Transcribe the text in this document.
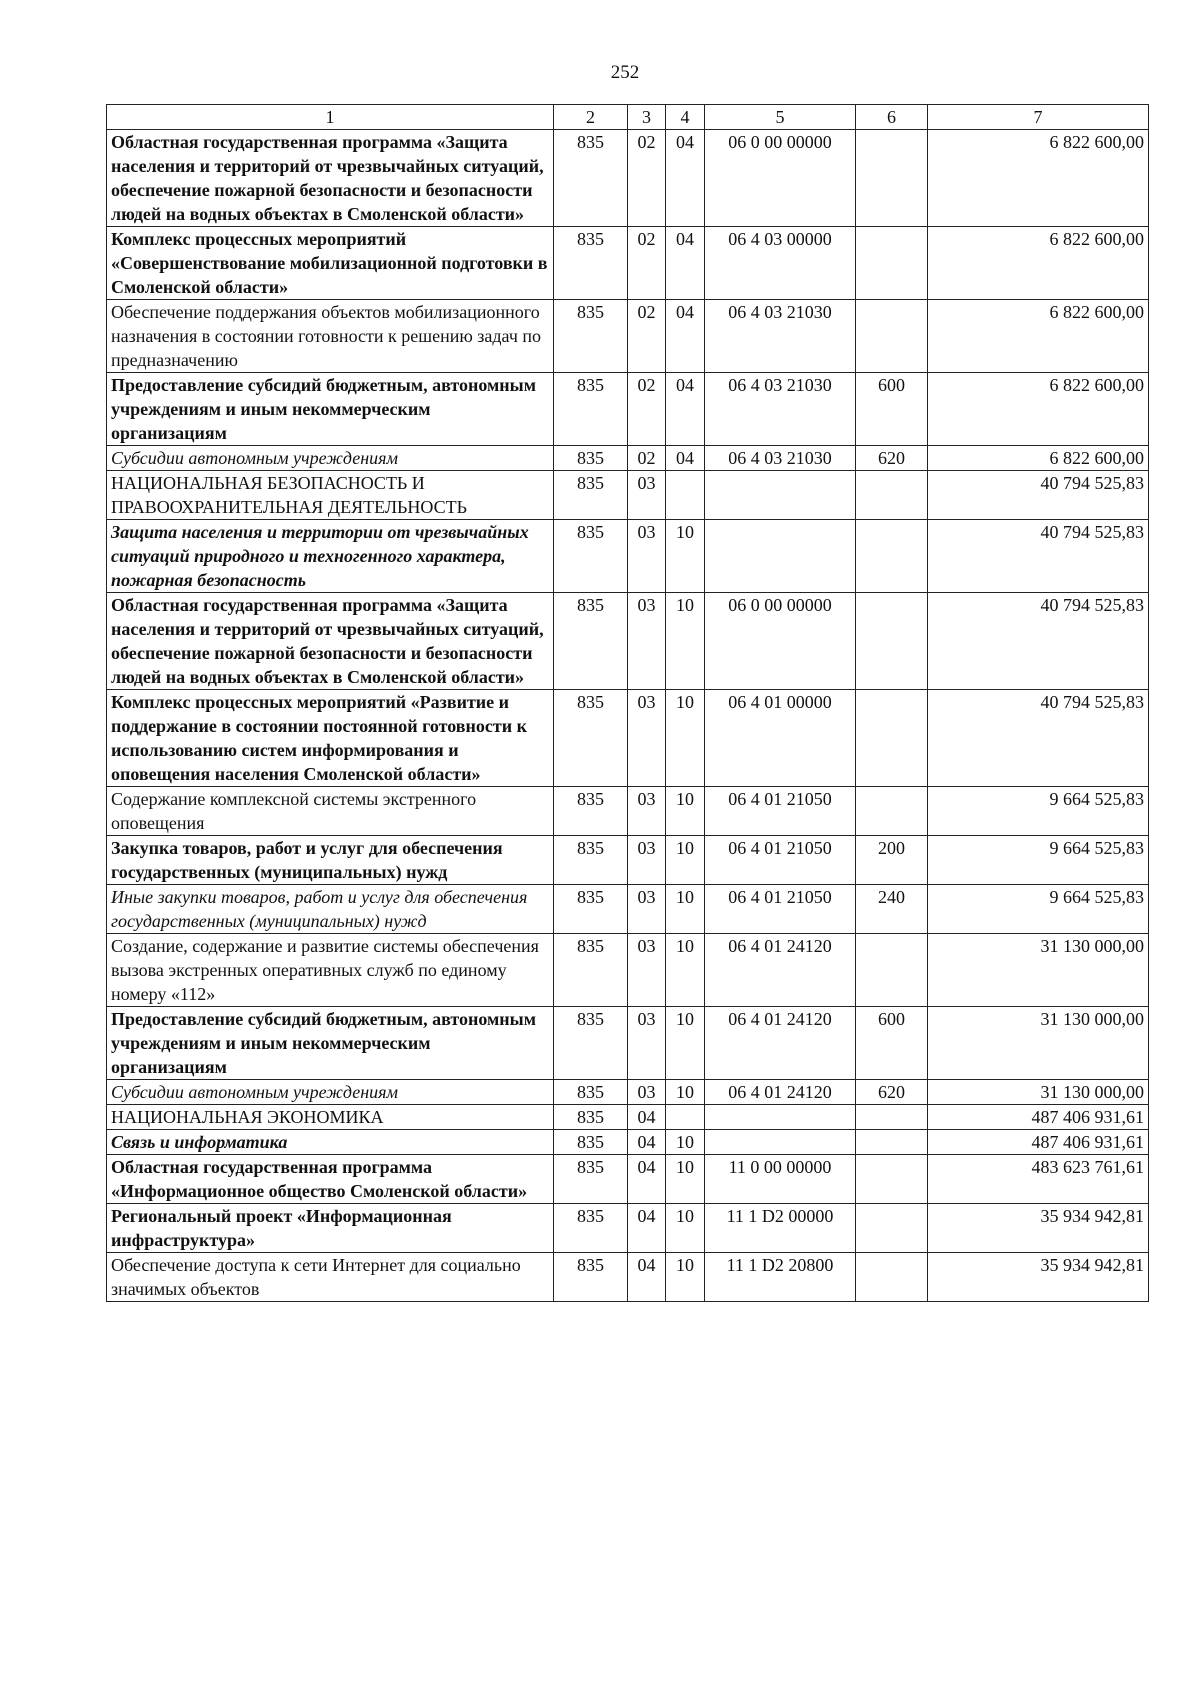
252
1	2	3	4	5	6	7
Областная государственная программа «Защита населения и территорий от чрезвычайных ситуаций, обеспечение пожарной безопасности и безопасности людей на водных объектах в Смоленской области»	835	02	04	06 0 00 00000		6 822 600,00
Комплекс процессных мероприятий «Совершенствование мобилизационной подготовки в Смоленской области»	835	02	04	06 4 03 00000		6 822 600,00
Обеспечение поддержания объектов мобилизационного назначения в состоянии готовности к решению задач по предназначению	835	02	04	06 4 03 21030		6 822 600,00
Предоставление субсидий бюджетным, автономным учреждениям и иным некоммерческим организациям	835	02	04	06 4 03 21030	600	6 822 600,00
Субсидии автономным учреждениям	835	02	04	06 4 03 21030	620	6 822 600,00
НАЦИОНАЛЬНАЯ БЕЗОПАСНОСТЬ И ПРАВООХРАНИТЕЛЬНАЯ ДЕЯТЕЛЬНОСТЬ	835	03				40 794 525,83
Защита населения и территории от чрезвычайных ситуаций природного и техногенного характера, пожарная безопасность	835	03	10			40 794 525,83
Областная государственная программа «Защита населения и территорий от чрезвычайных ситуаций, обеспечение пожарной безопасности и безопасности людей на водных объектах в Смоленской области»	835	03	10	06 0 00 00000		40 794 525,83
Комплекс процессных мероприятий «Развитие и поддержание в состоянии постоянной готовности к использованию систем информирования и оповещения населения Смоленской области»	835	03	10	06 4 01 00000		40 794 525,83
Содержание комплексной системы экстренного оповещения	835	03	10	06 4 01 21050		9 664 525,83
Закупка товаров, работ и услуг для обеспечения государственных (муниципальных) нужд	835	03	10	06 4 01 21050	200	9 664 525,83
Иные закупки товаров, работ и услуг для обеспечения государственных (муниципальных) нужд	835	03	10	06 4 01 21050	240	9 664 525,83
Создание, содержание и развитие системы обеспечения вызова экстренных оперативных служб по единому номеру «112»	835	03	10	06 4 01 24120		31 130 000,00
Предоставление субсидий бюджетным, автономным учреждениям и иным некоммерческим организациям	835	03	10	06 4 01 24120	600	31 130 000,00
Субсидии автономным учреждениям	835	03	10	06 4 01 24120	620	31 130 000,00
НАЦИОНАЛЬНАЯ ЭКОНОМИКА	835	04				487 406 931,61
Связь и информатика	835	04	10			487 406 931,61
Областная государственная программа «Информационное общество Смоленской области»	835	04	10	11 0 00 00000		483 623 761,61
Региональный проект «Информационная инфраструктура»	835	04	10	11 1 D2 00000		35 934 942,81
Обеспечение доступа к сети Интернет для социально значимых объектов	835	04	10	11 1 D2 20800		35 934 942,81
